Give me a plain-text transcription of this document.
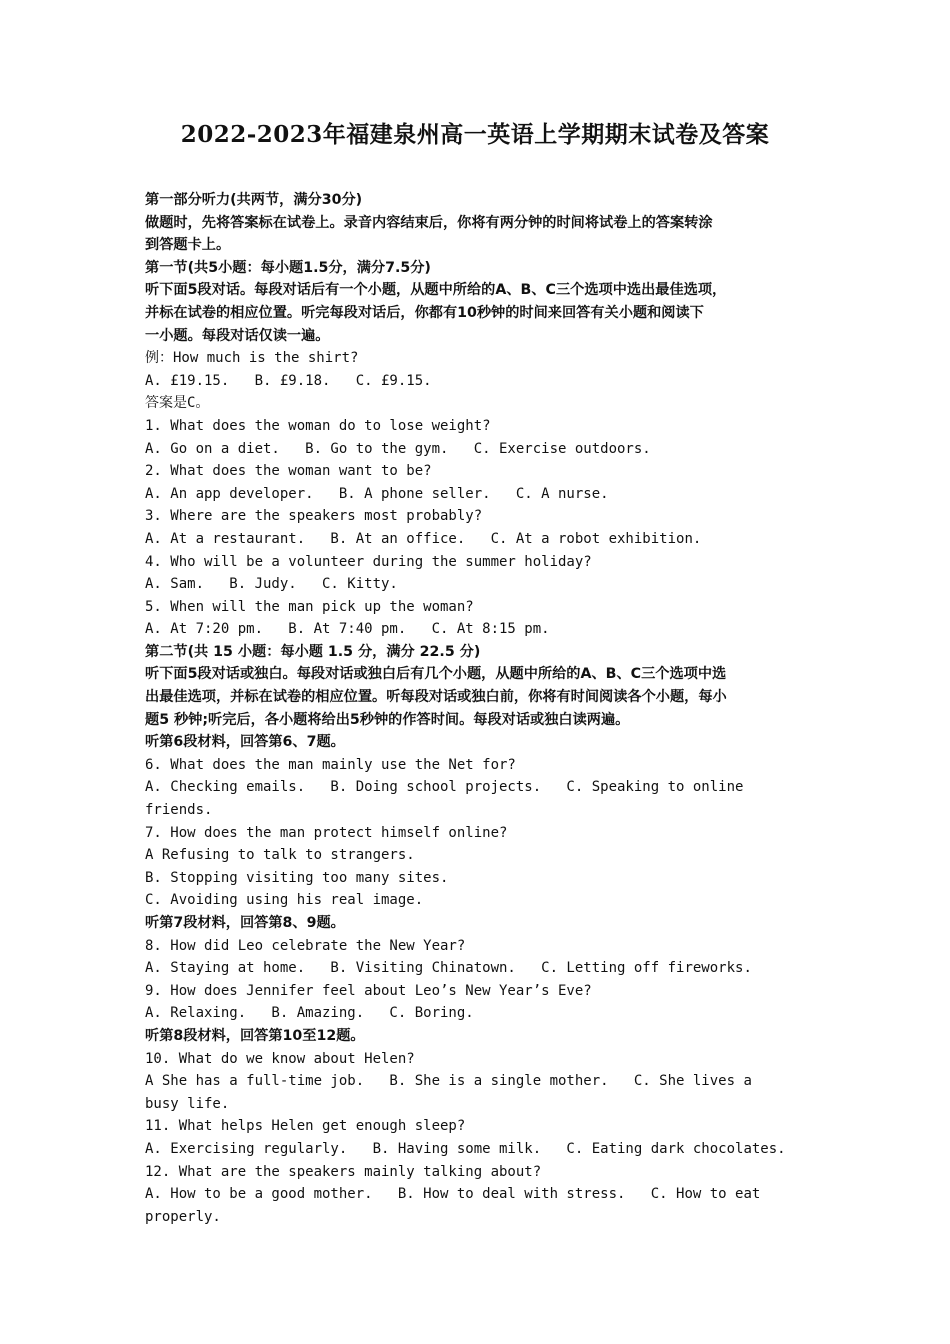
2022-2023年福建泉州高一英语上学期期末试卷及答案
第一部分听力(共两节，满分30分)
做题时，先将答案标在试卷上。录音内容结束后，你将有两分钟的时间将试卷上的答案转涂
到答题卡上。
第一节(共5小题：每小题1.5分，满分7.5分)
听下面5段对话。每段对话后有一个小题，从题中所给的A、B、C三个选项中选出最佳选项，
并标在试卷的相应位置。听完每段对话后，你都有10秒钟的时间来回答有关小题和阅读下
一小题。每段对话仅读一遍。
例：How much is the shirt?
A. £19.15.   B. £9.18.   C. £9.15.
答案是C。
1. What does the woman do to lose weight?
A. Go on a diet.   B. Go to the gym.   C. Exercise outdoors.
2. What does the woman want to be?
A. An app developer.   B. A phone seller.   C. A nurse.
3. Where are the speakers most probably?
A. At a restaurant.   B. At an office.   C. At a robot exhibition.
4. Who will be a volunteer during the summer holiday?
A. Sam.   B. Judy.   C. Kitty.
5. When will the man pick up the woman?
A. At 7:20 pm.   B. At 7:40 pm.   C. At 8:15 pm.
第二节(共 15 小题：每小题 1.5 分，满分 22.5 分)
听下面5段对话或独白。每段对话或独白后有几个小题，从题中所给的A、B、C三个选项中选
出最佳选项，并标在试卷的相应位置。听每段对话或独白前，你将有时间阅读各个小题，每小
题5 秒钟;听完后，各小题将给出5秒钟的作答时间。每段对话或独白读两遍。
听第6段材料，回答第6、7题。
6. What does the man mainly use the Net for?
A. Checking emails.   B. Doing school projects.   C. Speaking to online
friends.
7. How does the man protect himself online?
A Refusing to talk to strangers.
B. Stopping visiting too many sites.
C. Avoiding using his real image.
听第7段材料，回答第8、9题。
8. How did Leo celebrate the New Year?
A. Staying at home.   B. Visiting Chinatown.   C. Letting off fireworks.
9. How does Jennifer feel about Leo’s New Year’s Eve?
A. Relaxing.   B. Amazing.   C. Boring.
听第8段材料，回答第10至12题。
10. What do we know about Helen?
A She has a full-time job.   B. She is a single mother.   C. She lives a
busy life.
11. What helps Helen get enough sleep?
A. Exercising regularly.   B. Having some milk.   C. Eating dark chocolates.
12. What are the speakers mainly talking about?
A. How to be a good mother.   B. How to deal with stress.   C. How to eat
properly.
